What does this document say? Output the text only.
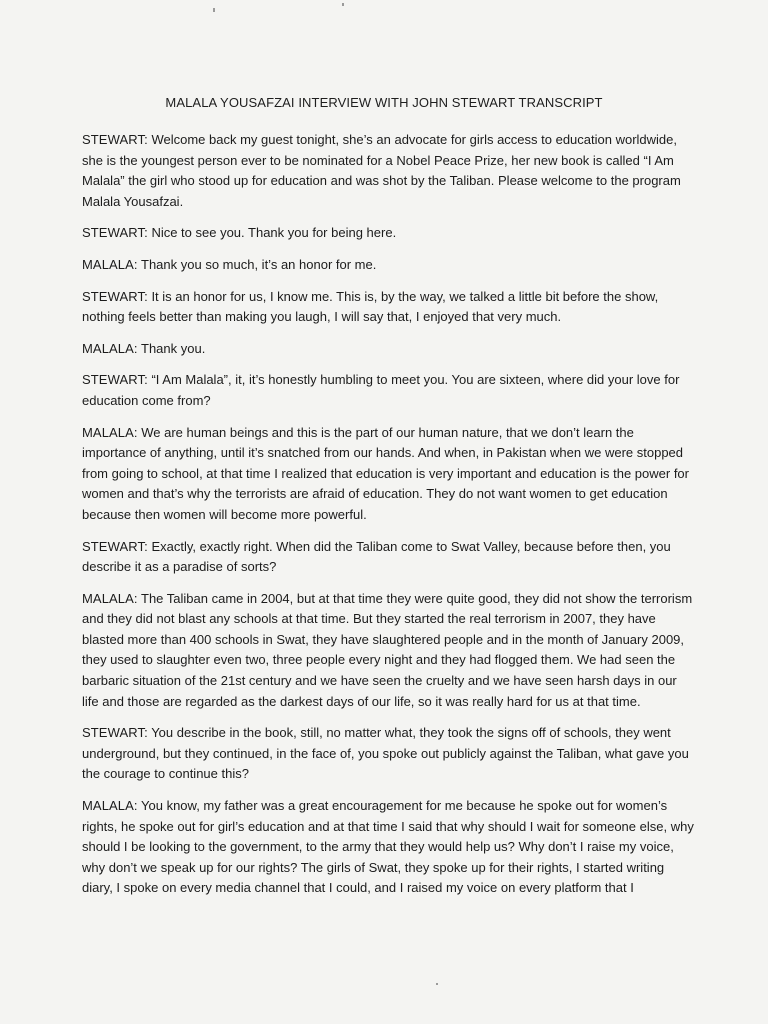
MALALA YOUSAFZAI INTERVIEW WITH JOHN STEWART TRANSCRIPT

STEWART: Welcome back my guest tonight, she’s an advocate for girls access to education worldwide, she is the youngest person ever to be nominated for a Nobel Peace Prize, her new book is called “I Am Malala” the girl who stood up for education and was shot by the Taliban. Please welcome to the program Malala Yousafzai.

STEWART: Nice to see you. Thank you for being here.

MALALA: Thank you so much, it’s an honor for me.

STEWART: It is an honor for us, I know me. This is, by the way, we talked a little bit before the show, nothing feels better than making you laugh, I will say that, I enjoyed that very much.

MALALA: Thank you.

STEWART: “I Am Malala”, it, it’s honestly humbling to meet you. You are sixteen, where did your love for education come from?

MALALA: We are human beings and this is the part of our human nature, that we don’t learn the importance of anything, until it’s snatched from our hands. And when, in Pakistan when we were stopped from going to school, at that time I realized that education is very important and education is the power for women and that’s why the terrorists are afraid of education. They do not want women to get education because then women will become more powerful.

STEWART: Exactly, exactly right. When did the Taliban come to Swat Valley, because before then, you describe it as a paradise of sorts?

MALALA: The Taliban came in 2004, but at that time they were quite good, they did not show the terrorism and they did not blast any schools at that time. But they started the real terrorism in 2007, they have blasted more than 400 schools in Swat, they have slaughtered people and in the month of January 2009, they used to slaughter even two, three people every night and they had flogged them. We had seen the barbaric situation of the 21st century and we have seen the cruelty and we have seen harsh days in our life and those are regarded as the darkest days of our life, so it was really hard for us at that time.

STEWART: You describe in the book, still, no matter what, they took the signs off of schools, they went underground, but they continued, in the face of, you spoke out publicly against the Taliban, what gave you the courage to continue this?

MALALA: You know, my father was a great encouragement for me because he spoke out for women’s rights, he spoke out for girl’s education and at that time I said that why should I wait for someone else, why should I be looking to the government, to the army that they would help us? Why don’t I raise my voice, why don’t we speak up for our rights? The girls of Swat, they spoke up for their rights, I started writing diary, I spoke on every media channel that I could, and I raised my voice on every platform that I
